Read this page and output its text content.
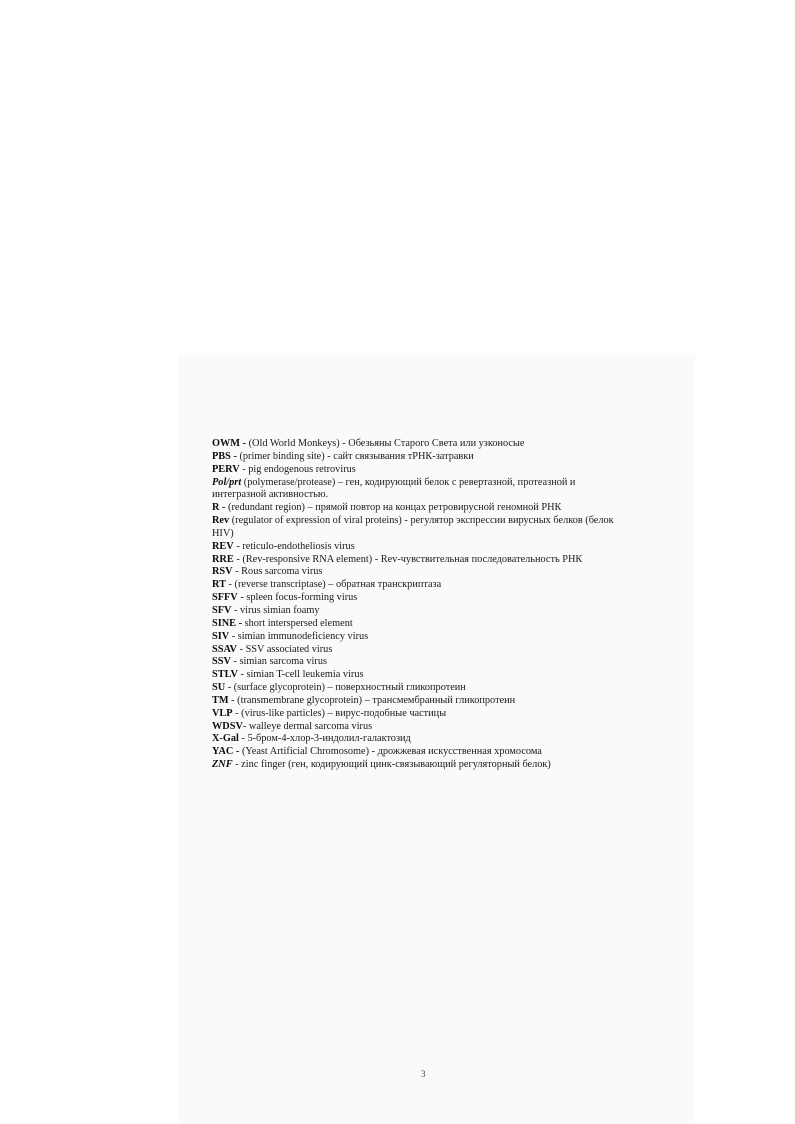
OWM - (Old World Monkeys) - Обезьяны Старого Света или узконосые

PBS - (primer binding site) - сайт связывания тРНК-затравки

PERV - pig endogenous retrovirus

Pol/prt (polymerase/protease) – ген, кодирующий белок с ревертазной, протеазной и интегразной активностью.

R - (redundant region) – прямой повтор на концах ретровирусной геномной РНК

Rev (regulator of expression of viral proteins) - регулятор экспрессии вирусных белков (белок HIV)

REV - reticulo-endotheliosis virus

RRE - (Rev-responsive RNA element) - Rev-чувствительная последовательность РНК

RSV - Rous sarcoma virus

RT - (reverse transcriptase) – обратная транскриптаза

SFFV - spleen focus-forming virus

SFV - virus simian foamy

SINE - short interspersed element

SIV - simian immunodeficiency virus

SSAV - SSV associated virus

SSV - simian sarcoma virus

STLV - simian T-cell leukemia virus

SU - (surface glycoprotein) – поверхностный гликопротеин

TM - (transmembrane glycoprotein) – трансмембранный гликопротеин

VLP - (virus-like particles) – вирус-подобные частицы

WDSV- walleye dermal sarcoma virus

X-Gal - 5-бром-4-хлор-3-индолил-галактозид

YAC - (Yeast Artificial Chromosome) - дрожжевая искусственная хромосома

ZNF - zinc finger (ген, кодирующий цинк-связывающий регуляторный белок)

3
